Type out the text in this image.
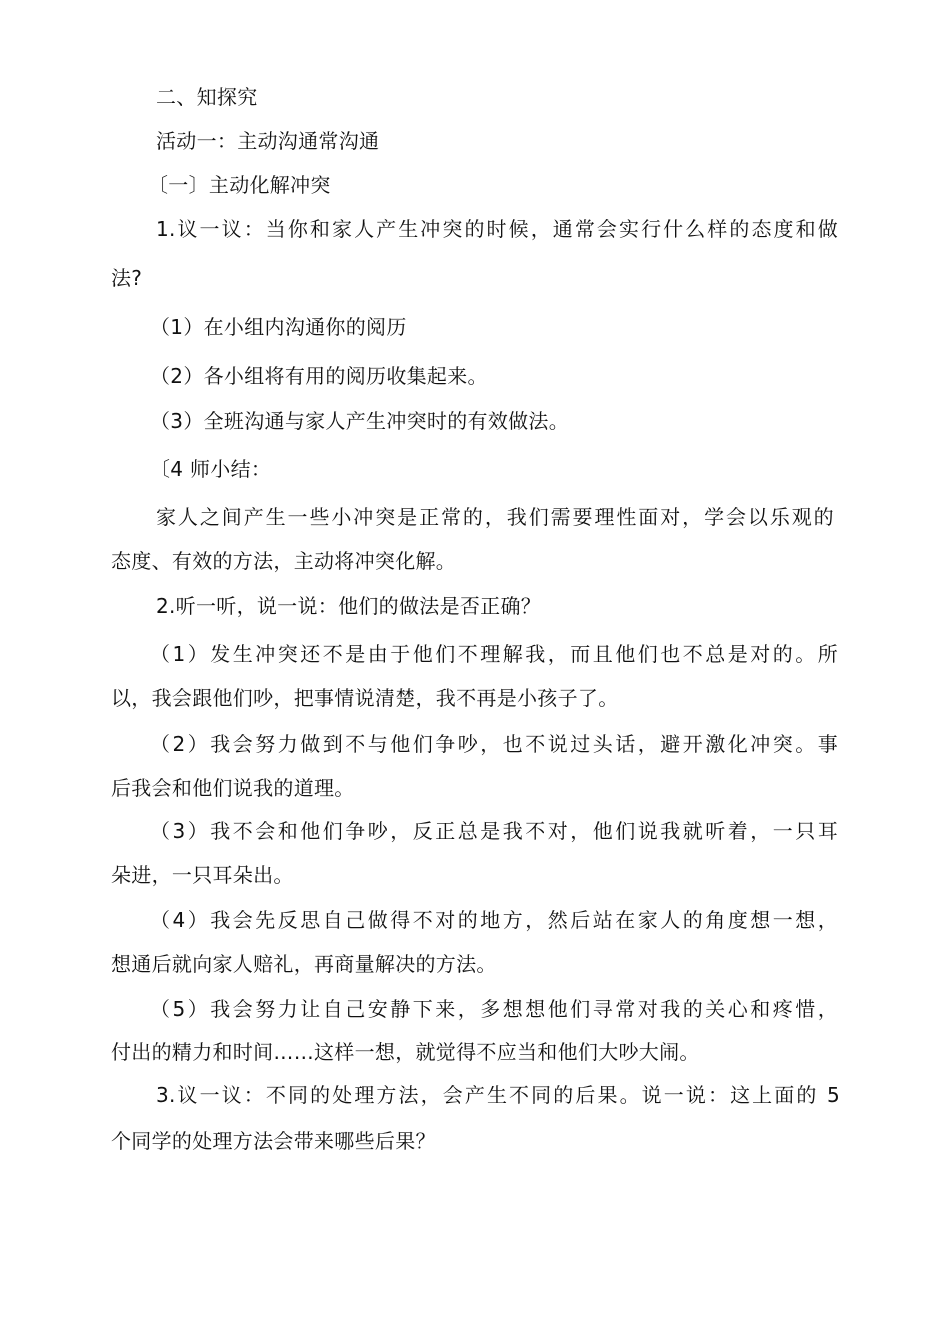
二、知探究
活动一：主动沟通常沟通
〔一〕主动化解冲突
1.议一议：当你和家人产生冲突的时候，通常会实行什么样的态度和做
法?
（1）在小组内沟通你的阅历
（2）各小组将有用的阅历收集起来。
（3）全班沟通与家人产生冲突时的有效做法。
〔4 师小结：
家人之间产生一些小冲突是正常的，我们需要理性面对，学会以乐观的
态度、有效的方法，主动将冲突化解。
2.听一听，说一说：他们的做法是否正确？
（1）发生冲突还不是由于他们不理解我，而且他们也不总是对的。所
以，我会跟他们吵，把事情说清楚，我不再是小孩子了。
（2）我会努力做到不与他们争吵，也不说过头话，避开激化冲突。事
后我会和他们说我的道理。
（3）我不会和他们争吵，反正总是我不对，他们说我就听着，一只耳
朵进，一只耳朵出。
（4）我会先反思自己做得不对的地方，然后站在家人的角度想一想，
想通后就向家人赔礼，再商量解决的方法。
（5）我会努力让自己安静下来，多想想他们寻常对我的关心和疼惜，
付出的精力和时间……这样一想，就觉得不应当和他们大吵大闹。
3.议一议：不同的处理方法，会产生不同的后果。说一说：这上面的 5
个同学的处理方法会带来哪些后果？
